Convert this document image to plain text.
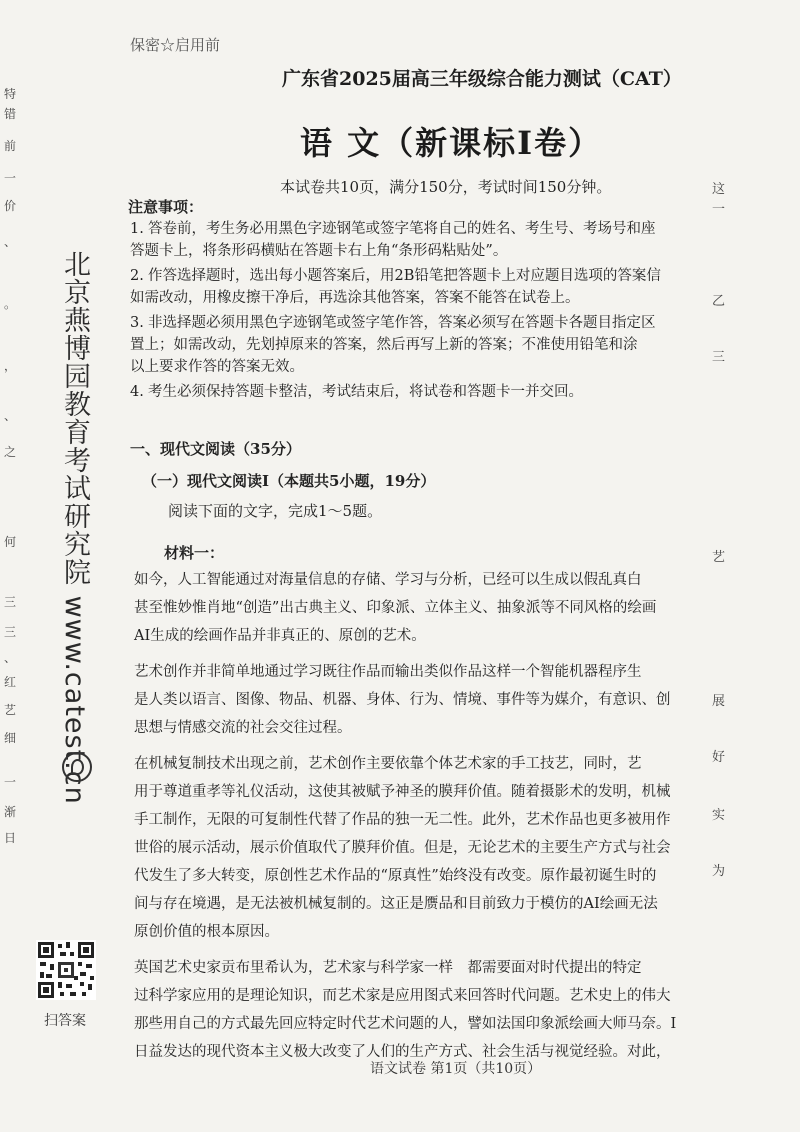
特
错
前
一
价
、
。
，
、
之
何
三
三
、
红
艺
细
一
渐
日
北京燕博园教育考试研究院 www.catest.cn
扫答案
保密☆启用前
广东省2025届高三年级综合能力测试（CAT）
语 文（新课标Ⅰ卷）
本试卷共10页，满分150分，考试时间150分钟。
注意事项：
1. 答卷前，考生务必用黑色字迹钢笔或签字笔将自己的姓名、考生号、考场号和座
答题卡上，将条形码横贴在答题卡右上角“条形码粘贴处”。
2. 作答选择题时，选出每小题答案后，用2B铅笔把答题卡上对应题目选项的答案信
如需改动，用橡皮擦干净后，再选涂其他答案，答案不能答在试卷上。
3. 非选择题必须用黑色字迹钢笔或签字笔作答，答案必须写在答题卡各题目指定区
置上；如需改动，先划掉原来的答案，然后再写上新的答案；不准使用铅笔和涂
以上要求作答的答案无效。
4. 考生必须保持答题卡整洁，考试结束后，将试卷和答题卡一并交回。
一、现代文阅读（35分）
（一）现代文阅读Ⅰ（本题共5小题，19分）
阅读下面的文字，完成1～5题。
材料一：

如今，人工智能通过对海量信息的存储、学习与分析，已经可以生成以假乱真白
甚至惟妙惟肖地“创造”出古典主义、印象派、立体主义、抽象派等不同风格的绘画
AI生成的绘画作品并非真正的、原创的艺术。

艺术创作并非简单地通过学习既往作品而输出类似作品这样一个智能机器程序生
是人类以语言、图像、物品、机器、身体、行为、情境、事件等为媒介，有意识、创
思想与情感交流的社会交往过程。

在机械复制技术出现之前，艺术创作主要依靠个体艺术家的手工技艺，同时，艺
用于尊道重孝等礼仪活动，这使其被赋予神圣的膜拜价值。随着摄影术的发明，机械
手工制作，无限的可复制性代替了作品的独一无二性。此外，艺术作品也更多被用作
世俗的展示活动，展示价值取代了膜拜价值。但是，无论艺术的主要生产方式与社会
代发生了多大转变，原创性艺术作品的“原真性”始终没有改变。原作最初诞生时的
间与存在境遇，是无法被机械复制的。这正是赝品和目前致力于模仿的AI绘画无法
原创价值的根本原因。

英国艺术史家贡布里希认为，艺术家与科学家一样　都需要面对时代提出的特定
过科学家应用的是理论知识，而艺术家是应用图式来回答时代问题。艺术史上的伟大
那些用自己的方式最先回应特定时代艺术问题的人，譬如法国印象派绘画大师马奈。I
日益发达的现代资本主义极大改变了人们的生产方式、社会生活与视觉经验。对此，

这
一
乙
三
艺
展
好
实
为
语文试卷 第1页（共10页）
